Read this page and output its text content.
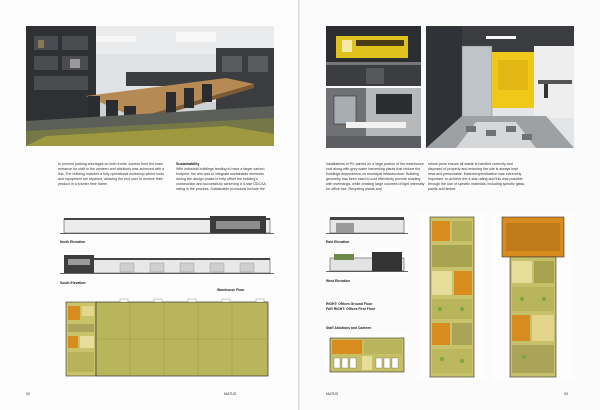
to prevent parking shortages on both fronts. Access from the main entrance for staff to the canteen and ablutions was achieved with a link. The building includes a fully operational workshop where tools and equipment are repaired, allowing the end user to receive their product in a shorter time frame.
Sustainability
With industrial buildings tending to have a larger carbon footprint, the aim was to integrate sustainable elements during the design phase to help offset the building's construction and successfully achieving a 4-star GDCSA rating in the process. Sustainable provisions include the
North Elevation
South Elevation
Warehouse Floor
92	MATUS
installations of PV panels on a large portion of the warehouse roof along with grey water harvesting plants that reduce the buildings dependence on municipal infrastructure. Building geometry has been used to cool effectively provide shading with overhangs, while creating large volumes of light internally for office use. Recycling plants and
refuse pens ensure all waste is handled correctly and disposed of properly and ensuring the site is always kept neat and presentable. Material specification was extremely important, to achieve the 4-star rating and this was possible through the use of specific materials, including specific glass, paints and timber.
East Elevation
West Elevation
RIGHT: Offices Ground Floor
FAR RIGHT: Offices First Floor
Staff Ablutions and Canteen
MATUS	93
